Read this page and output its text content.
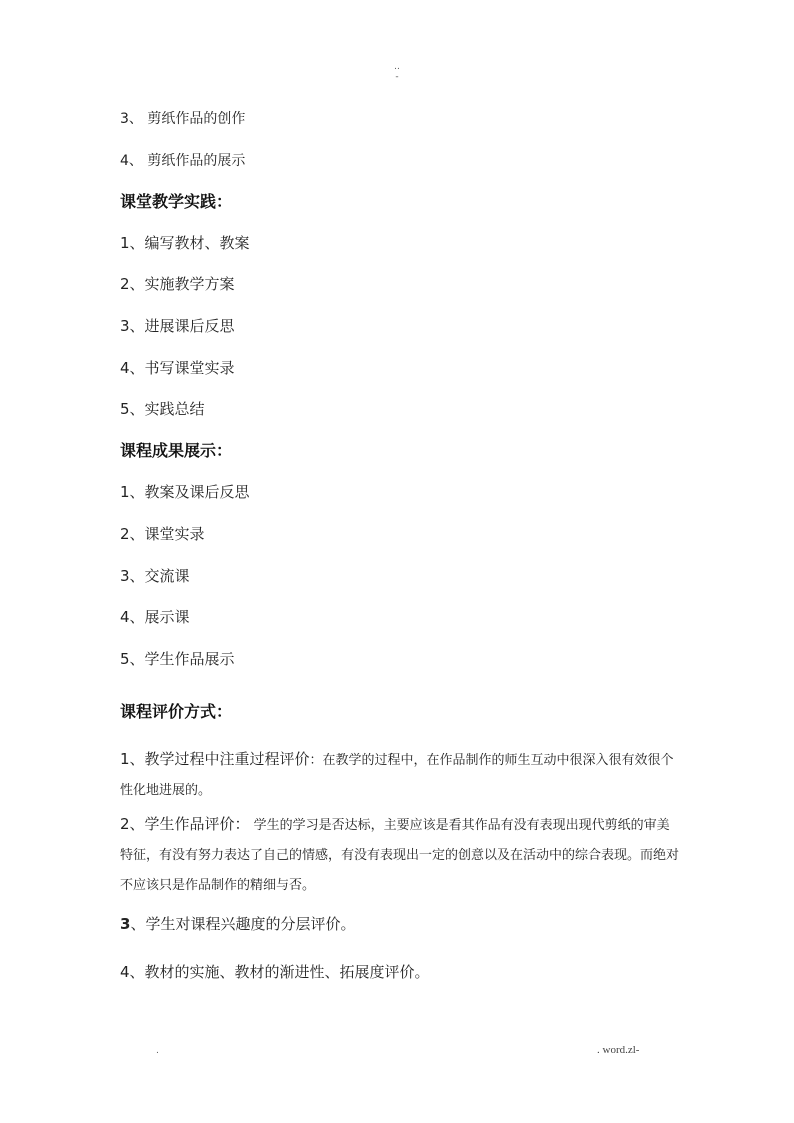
..
-
3、 剪纸作品的创作
4、 剪纸作品的展示
课堂教学实践：
1、编写教材、教案
2、实施教学方案
3、进展课后反思
4、书写课堂实录
5、实践总结
课程成果展示：
1、教案及课后反思
2、课堂实录
3、交流课
4、展示课
5、学生作品展示
课程评价方式：
1、教学过程中注重过程评价：在教学的过程中，在作品制作的师生互动中很深入很有效很个性化地进展的。
2、学生作品评价： 学生的学习是否达标，主要应该是看其作品有没有表现出现代剪纸的审美特征，有没有努力表达了自己的情感，有没有表现出一定的创意以及在活动中的综合表现。而绝对不应该只是作品制作的精细与否。
3、学生对课程兴趣度的分层评价。
4、教材的实施、教材的渐进性、拓展度评价。
.	. word.zl-
